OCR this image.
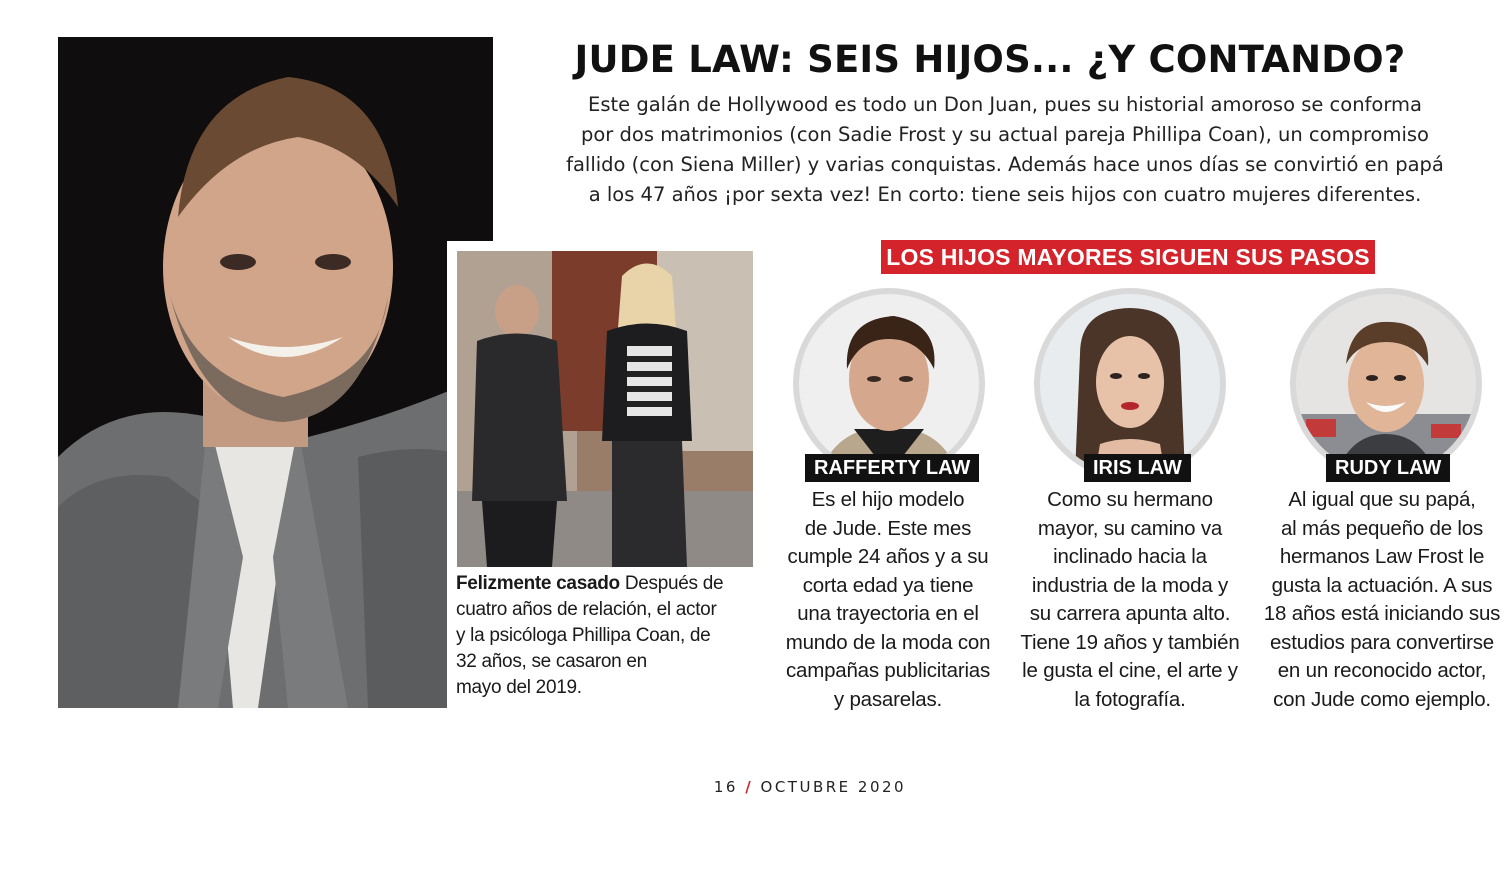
Felizmente casado Después de
cuatro años de relación, el actor
y la psicóloga Phillipa Coan, de
32 años, se casaron en
mayo del 2019.
JUDE LAW: SEIS HIJOS... ¿Y CONTANDO?

Este galán de Hollywood es todo un Don Juan, pues su historial amoroso se conforma
por dos matrimonios (con Sadie Frost y su actual pareja Phillipa Coan), un compromiso
fallido (con Siena Miller) y varias conquistas. Además hace unos días se convirtió en papá
a los 47 años ¡por sexta vez! En corto: tiene seis hijos con cuatro mujeres diferentes.

LOS HIJOS MAYORES SIGUEN SUS PASOS
RAFFERTY LAW
Es el hijo modelo
de Jude. Este mes
cumple 24 años y a su
corta edad ya tiene
una trayectoria en el
mundo de la moda con
campañas publicitarias
y pasarelas.
IRIS LAW
Como su hermano
mayor, su camino va
inclinado hacia la
industria de la moda y
su carrera apunta alto.
Tiene 19 años y también
le gusta el cine, el arte y
la fotografía.
RUDY LAW
Al igual que su papá,
al más pequeño de los
hermanos Law Frost le
gusta la actuación. A sus
18 años está iniciando sus
estudios para convertirse
en un reconocido actor,
con Jude como ejemplo.
16 / OCTUBRE 2020
